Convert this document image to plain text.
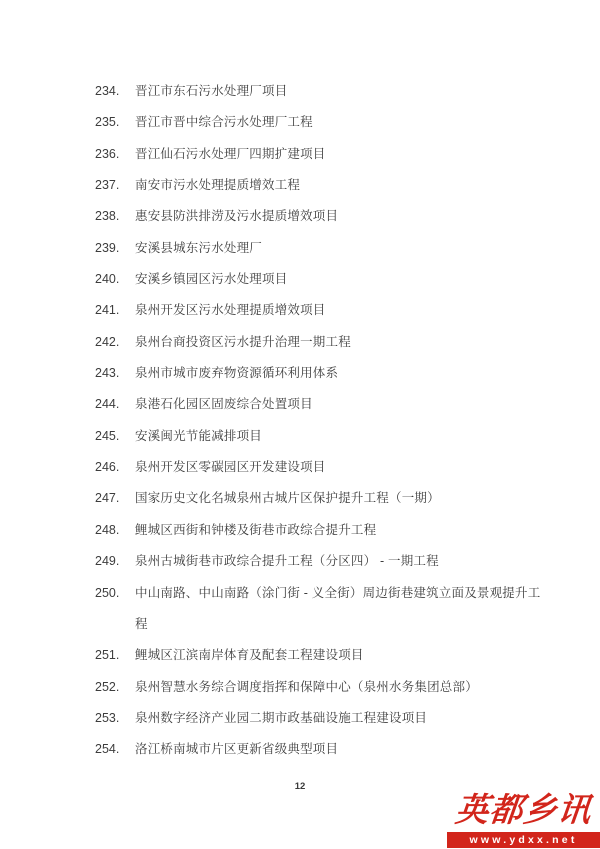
234.	晋江市东石污水处理厂项目
235.	晋江市晋中综合污水处理厂工程
236.	晋江仙石污水处理厂四期扩建项目
237.	南安市污水处理提质增效工程
238.	惠安县防洪排涝及污水提质增效项目
239.	安溪县城东污水处理厂
240.	安溪乡镇园区污水处理项目
241.	泉州开发区污水处理提质增效项目
242.	泉州台商投资区污水提升治理一期工程
243.	泉州市城市废弃物资源循环利用体系
244.	泉港石化园区固废综合处置项目
245.	安溪闽光节能减排项目
246.	泉州开发区零碳园区开发建设项目
247.	国家历史文化名城泉州古城片区保护提升工程（一期）
248.	鲤城区西街和钟楼及街巷市政综合提升工程
249.	泉州古城街巷市政综合提升工程（分区四） - 一期工程
250.	中山南路、中山南路（涂门街 - 义全街）周边街巷建筑立面及景观提升工程
251.	鲤城区江滨南岸体育及配套工程建设项目
252.	泉州智慧水务综合调度指挥和保障中心（泉州水务集团总部）
253.	泉州数字经济产业园二期市政基础设施工程建设项目
254.	洛江桥南城市片区更新省级典型项目
12
英都乡讯
www.ydxx.net
